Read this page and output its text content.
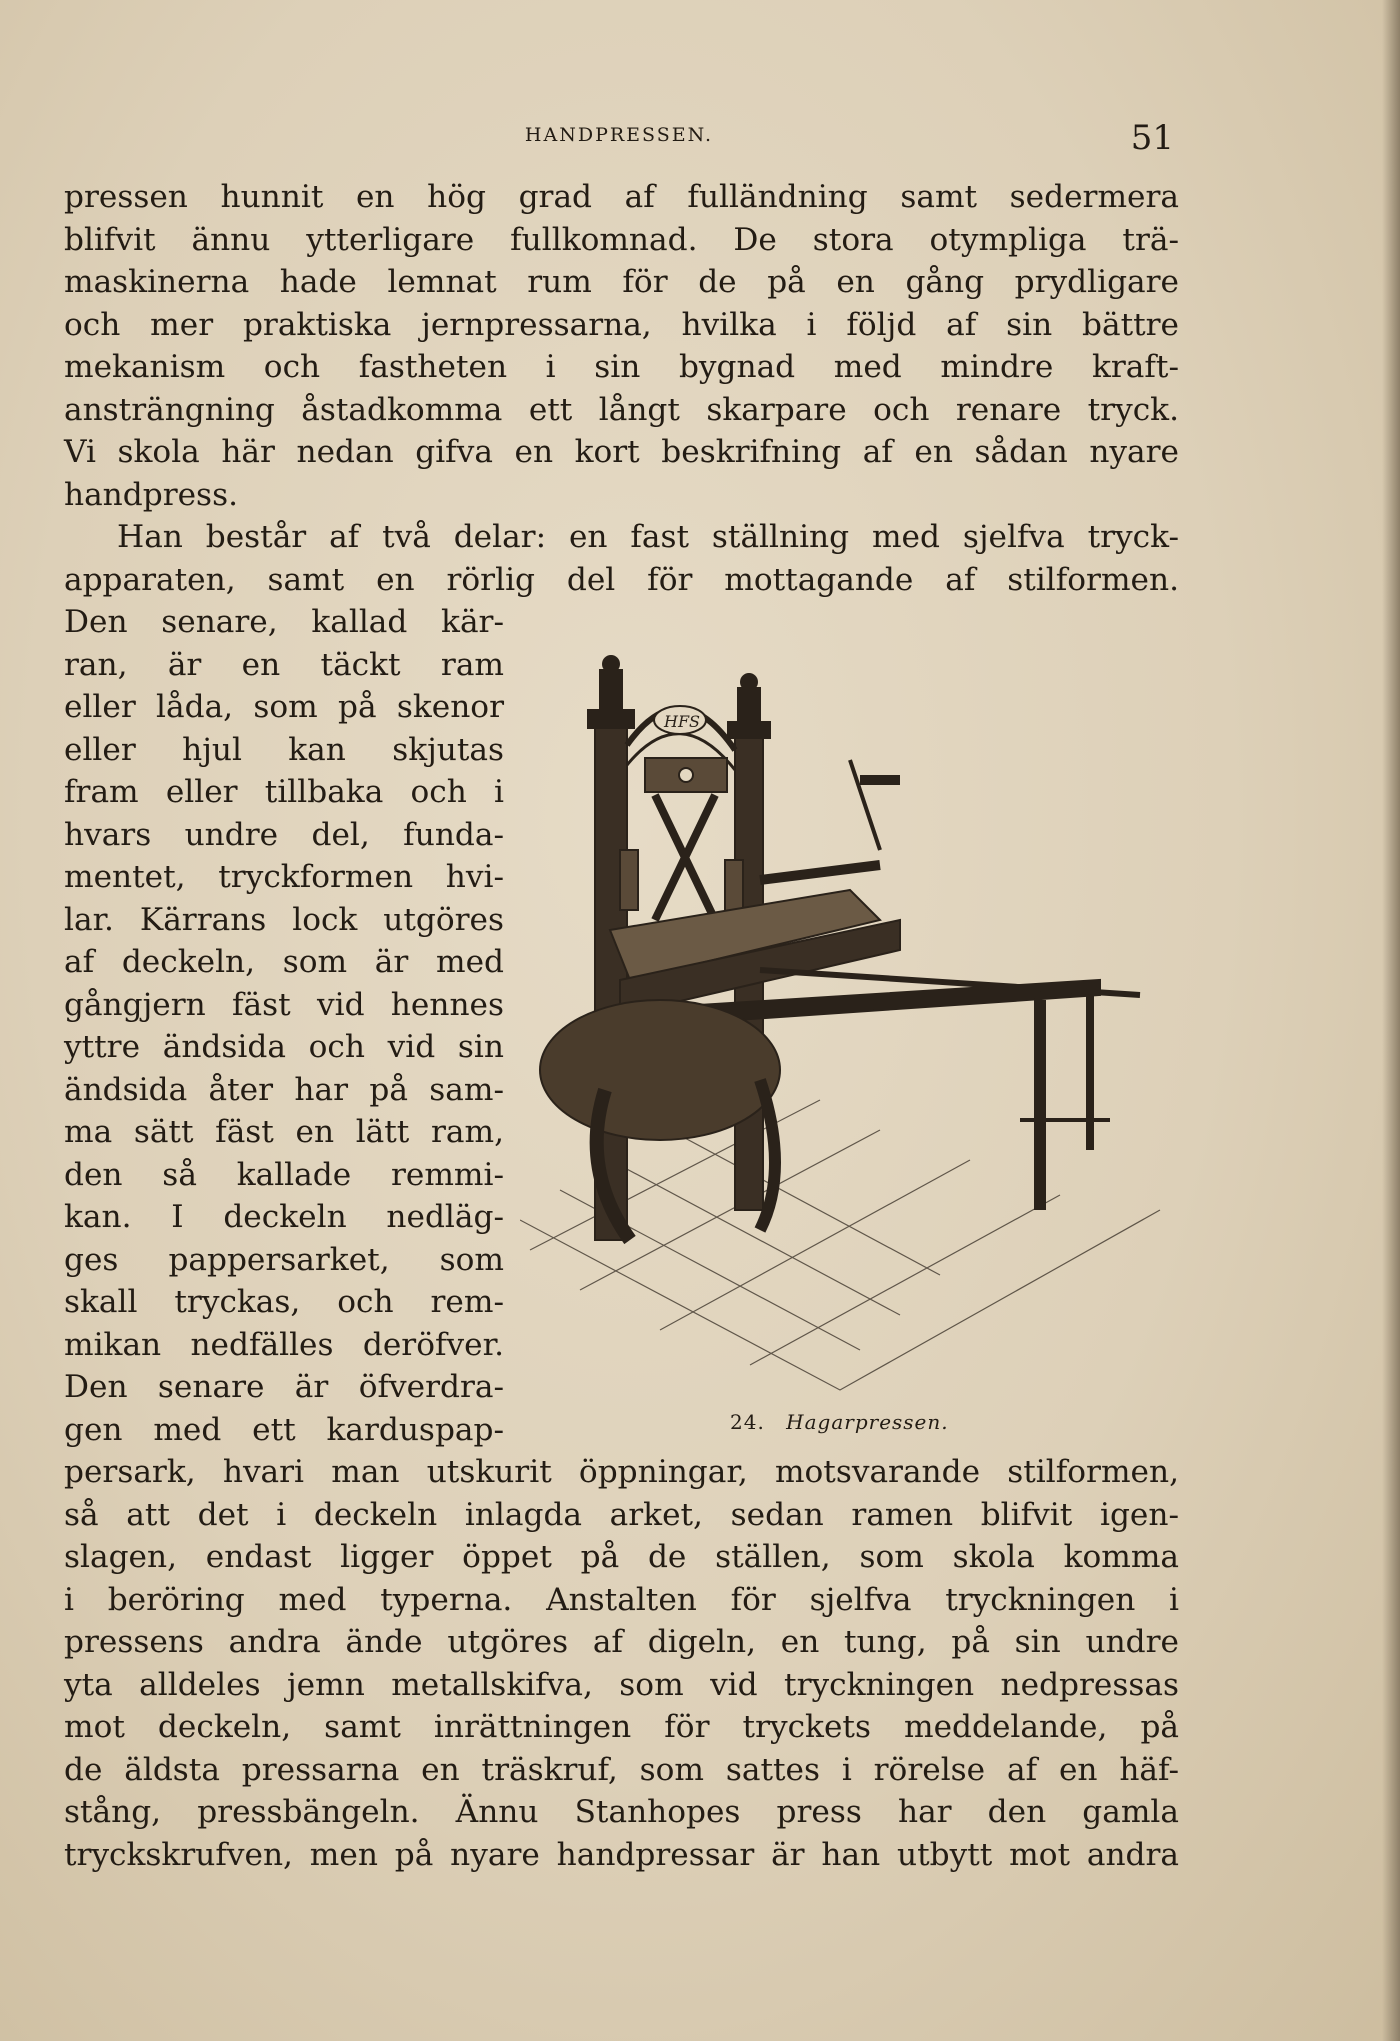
HANDPRESSEN.	51
pressen hunnit en hög grad af fulländning samt sedermera
blifvit ännu ytterligare fullkomnad. De stora otympliga trä-
maskinerna hade lemnat rum för de på en gång prydligare
och mer praktiska jernpressarna, hvilka i följd af sin bättre
mekanism och fastheten i sin bygnad med mindre kraft-
ansträngning åstadkomma ett långt skarpare och renare tryck.
Vi skola här nedan gifva en kort beskrifning af en sådan nyare
handpress.
Han består af två delar: en fast ställning med sjelfva tryck-
apparaten, samt en rörlig del för mottagande af stilformen.
Den senare, kallad kär-
ran, är en täckt ram
eller låda, som på skenor
eller hjul kan skjutas
fram eller tillbaka och i
hvars undre del, funda-
mentet, tryckformen hvi-
lar. Kärrans lock utgöres
af deckeln, som är med
gångjern fäst vid hennes
yttre ändsida och vid sin
ändsida åter har på sam-
ma sätt fäst en lätt ram,
den så kallade remmi-
kan. I deckeln nedläg-
ges pappersarket, som
skall tryckas, och rem-
mikan nedfälles deröfver.
Den senare är öfverdra-
gen med ett karduspap-
persark, hvari man utskurit öppningar, motsvarande stilformen,
så att det i deckeln inlagda arket, sedan ramen blifvit igen-
slagen, endast ligger öppet på de ställen, som skola komma
i beröring med typerna. Anstalten för sjelfva tryckningen i
pressens andra ände utgöres af digeln, en tung, på sin undre
yta alldeles jemn metallskifva, som vid tryckningen nedpressas
mot deckeln, samt inrättningen för tryckets meddelande, på
de äldsta pressarna en träskruf, som sattes i rörelse af en häf-
stång, pressbängeln. Ännu Stanhopes press har den gamla
tryckskrufven, men på nyare handpressar är han utbytt mot andra
HFS
24. Hagarpressen.
